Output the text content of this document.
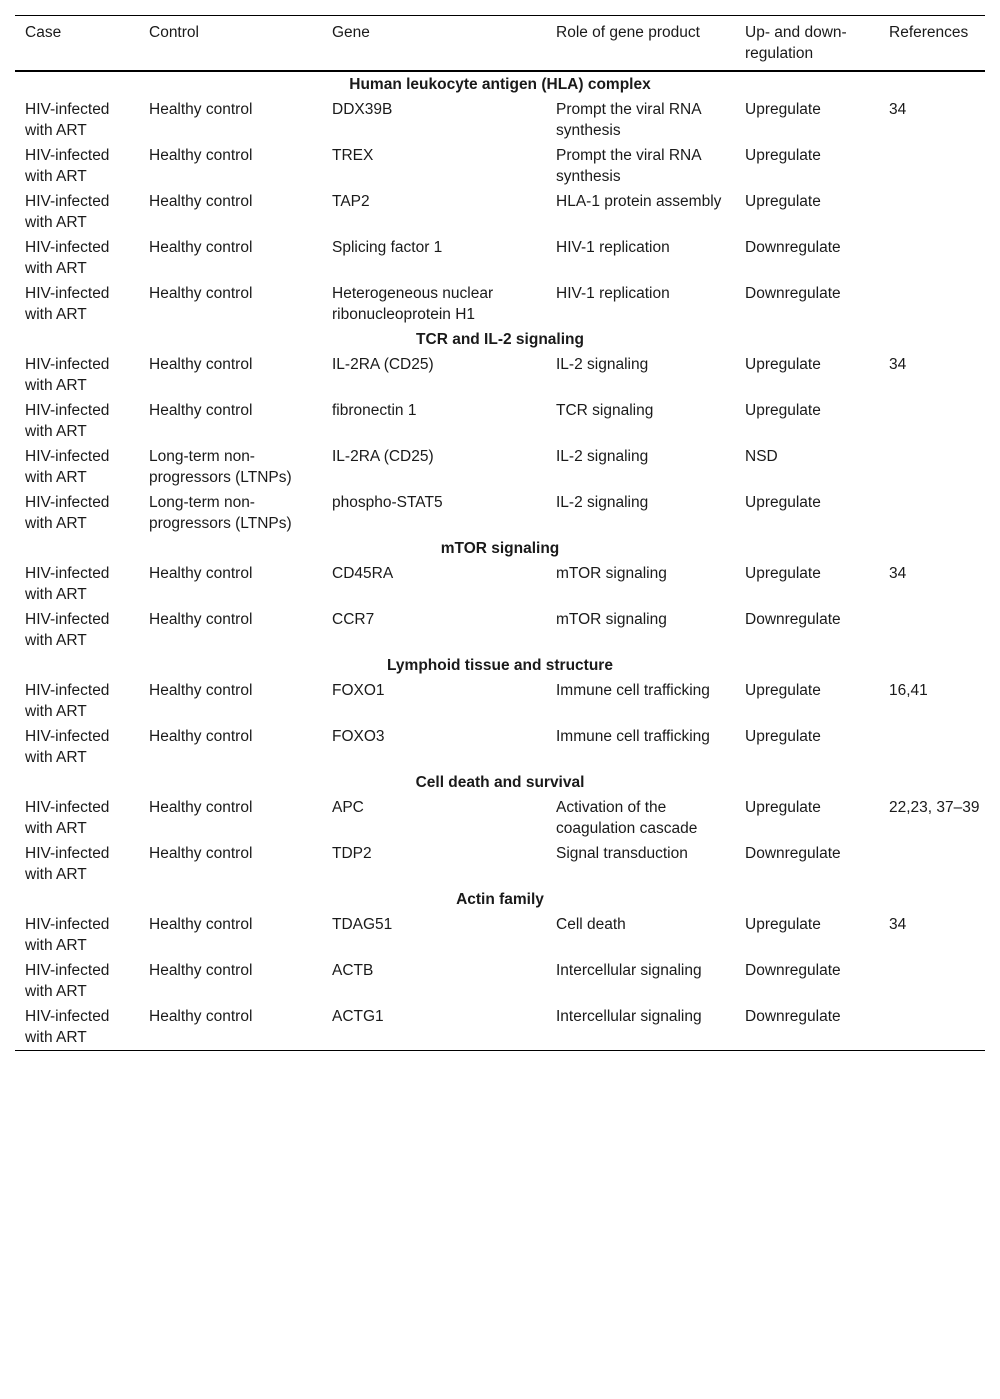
Case	Control	Gene	Role of gene product	Up- and down-regulation	References
Human leukocyte antigen (HLA) complex					
HIV-infected with ART	Healthy control	DDX39B	Prompt the viral RNA synthesis	Upregulate	34
HIV-infected with ART	Healthy control	TREX	Prompt the viral RNA synthesis	Upregulate	
HIV-infected with ART	Healthy control	TAP2	HLA-1 protein assembly	Upregulate	
HIV-infected with ART	Healthy control	Splicing factor 1	HIV-1 replication	Downregulate	
HIV-infected with ART	Healthy control	Heterogeneous nuclear ribonucleoprotein H1	HIV-1 replication	Downregulate	
TCR and IL-2 signaling					
HIV-infected with ART	Healthy control	IL-2RA (CD25)	IL-2 signaling	Upregulate	34
HIV-infected with ART	Healthy control	fibronectin 1	TCR signaling	Upregulate	
HIV-infected with ART	Long-term non-progressors (LTNPs)	IL-2RA (CD25)	IL-2 signaling	NSD	
HIV-infected with ART	Long-term non-progressors (LTNPs)	phospho-STAT5	IL-2 signaling	Upregulate	
mTOR signaling					
HIV-infected with ART	Healthy control	CD45RA	mTOR signaling	Upregulate	34
HIV-infected with ART	Healthy control	CCR7	mTOR signaling	Downregulate	
Lymphoid tissue and structure					
HIV-infected with ART	Healthy control	FOXO1	Immune cell trafficking	Upregulate	16,41
HIV-infected with ART	Healthy control	FOXO3	Immune cell trafficking	Upregulate	
Cell death and survival					
HIV-infected with ART	Healthy control	APC	Activation of the coagulation cascade	Upregulate	22,23, 37–39
HIV-infected with ART	Healthy control	TDP2	Signal transduction	Downregulate	
Actin family					
HIV-infected with ART	Healthy control	TDAG51	Cell death	Upregulate	34
HIV-infected with ART	Healthy control	ACTB	Intercellular signaling	Downregulate	
HIV-infected with ART	Healthy control	ACTG1	Intercellular signaling	Downregulate	
